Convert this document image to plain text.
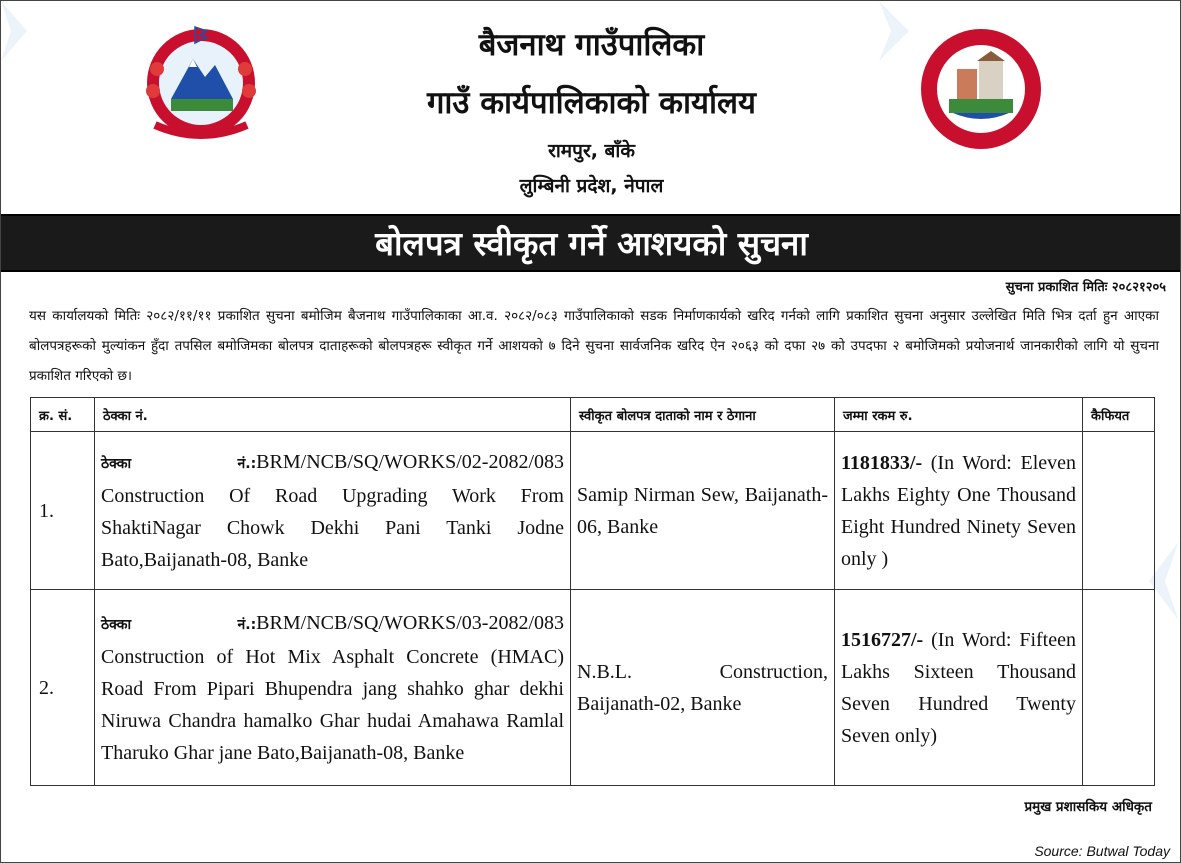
बैजनाथ गाउँपालिका
गाउँ कार्यपालिकाको कार्यालय
रामपुर, बाँके
लुम्बिनी प्रदेश, नेपाल
बोलपत्र स्वीकृत गर्ने आशयको सुचना
सुचना प्रकाशित मितिः २०८२१२०५

यस कार्यालयको मितिः २०८२/११/११ प्रकाशित सुचना बमोजिम बैजनाथ गाउँपालिकाका आ.व. २०८२/०८३ गाउँपालिकाको सडक निर्माणकार्यको खरिद गर्नको लागि प्रकाशित सुचना अनुसार उल्लेखित मिति भित्र दर्ता हुन आएका बोलपत्रहरूको मुल्यांकन हुँदा तपसिल बमोजिमका बोलपत्र दाताहरूको बोलपत्रहरू स्वीकृत गर्ने आशयको ७ दिने सुचना सार्वजनिक खरिद ऐन २०६३ को दफा २७ को उपदफा २ बमोजिमको प्रयोजनार्थ जानकारीको लागि यो सुचना प्रकाशित गरिएको छ।

क्र. सं.	ठेक्का नं.	स्वीकृत बोलपत्र दाताको नाम र ठेगाना	जम्मा रकम रु.	कैफियत
1.	ठेक्का नं.:BRM/NCB/SQ/WORKS/02-2082/083 Construction Of Road Upgrading Work From ShaktiNagar Chowk Dekhi Pani Tanki Jodne Bato,Baijanath-08, Banke	Samip Nirman Sew, Baijanath-06, Banke	1181833/- (In Word: Eleven Lakhs Eighty One Thousand Eight Hundred Ninety Seven only )	
2.	ठेक्का नं.:BRM/NCB/SQ/WORKS/03-2082/083 Construction of Hot Mix Asphalt Concrete (HMAC) Road From Pipari Bhupendra jang shahko ghar dekhi Niruwa Chandra hamalko Ghar hudai Amahawa Ramlal Tharuko Ghar jane Bato,Baijanath-08, Banke	N.B.L. Construction, Baijanath-02, Banke	1516727/- (In Word: Fifteen Lakhs Sixteen Thousand Seven Hundred Twenty Seven only)	
प्रमुख प्रशासकिय अधिकृत
Source: Butwal Today
